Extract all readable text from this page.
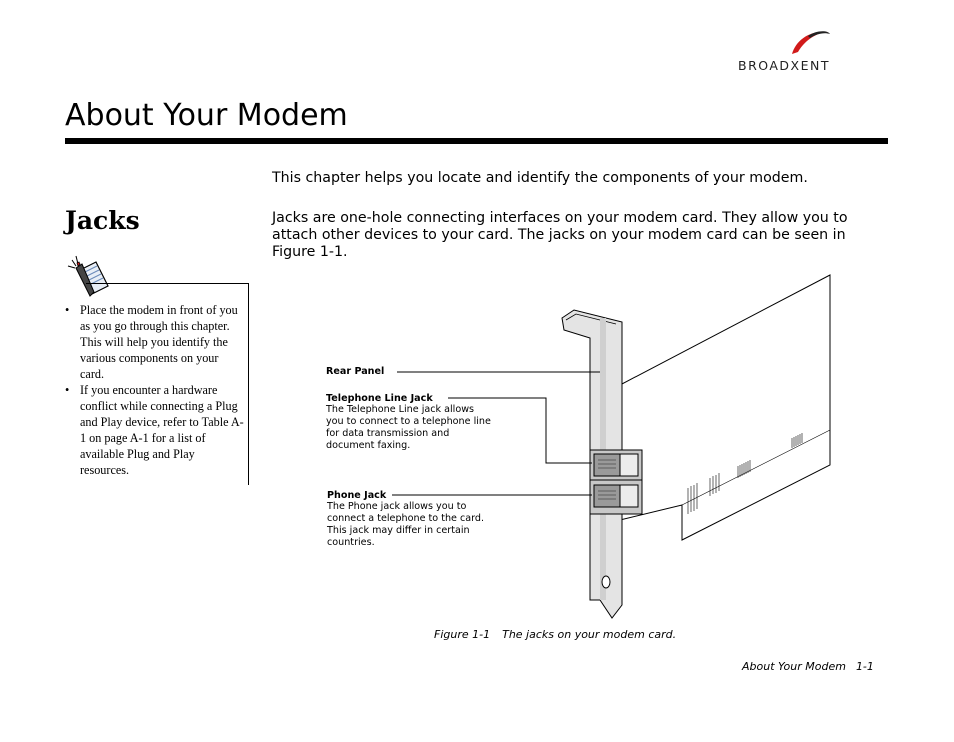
BROADXENT
About Your Modem

This chapter helps you locate and identify the components of your modem.

Jacks	Jacks are one-hole connecting interfaces on your modem card. They allow you to attach other devices to your card. The jacks on your modem card can be seen in Figure 1-1.

• Place the modem in front of you as you go through this chapter. This will help you identify the various components on your card.
• If you encounter a hardware conflict while connecting a Plug and Play device, refer to Table A-1 on page A-1 for a list of available Plug and Play resources.
Rear Panel
Telephone Line Jack
The Telephone Line jack allows you to connect to a telephone line for data transmission and document faxing.
Phone Jack
The Phone jack allows you to connect a telephone to the card. This jack may differ in certain countries.
Figure 1-1 The jacks on your modem card.
About Your Modem 1-1
